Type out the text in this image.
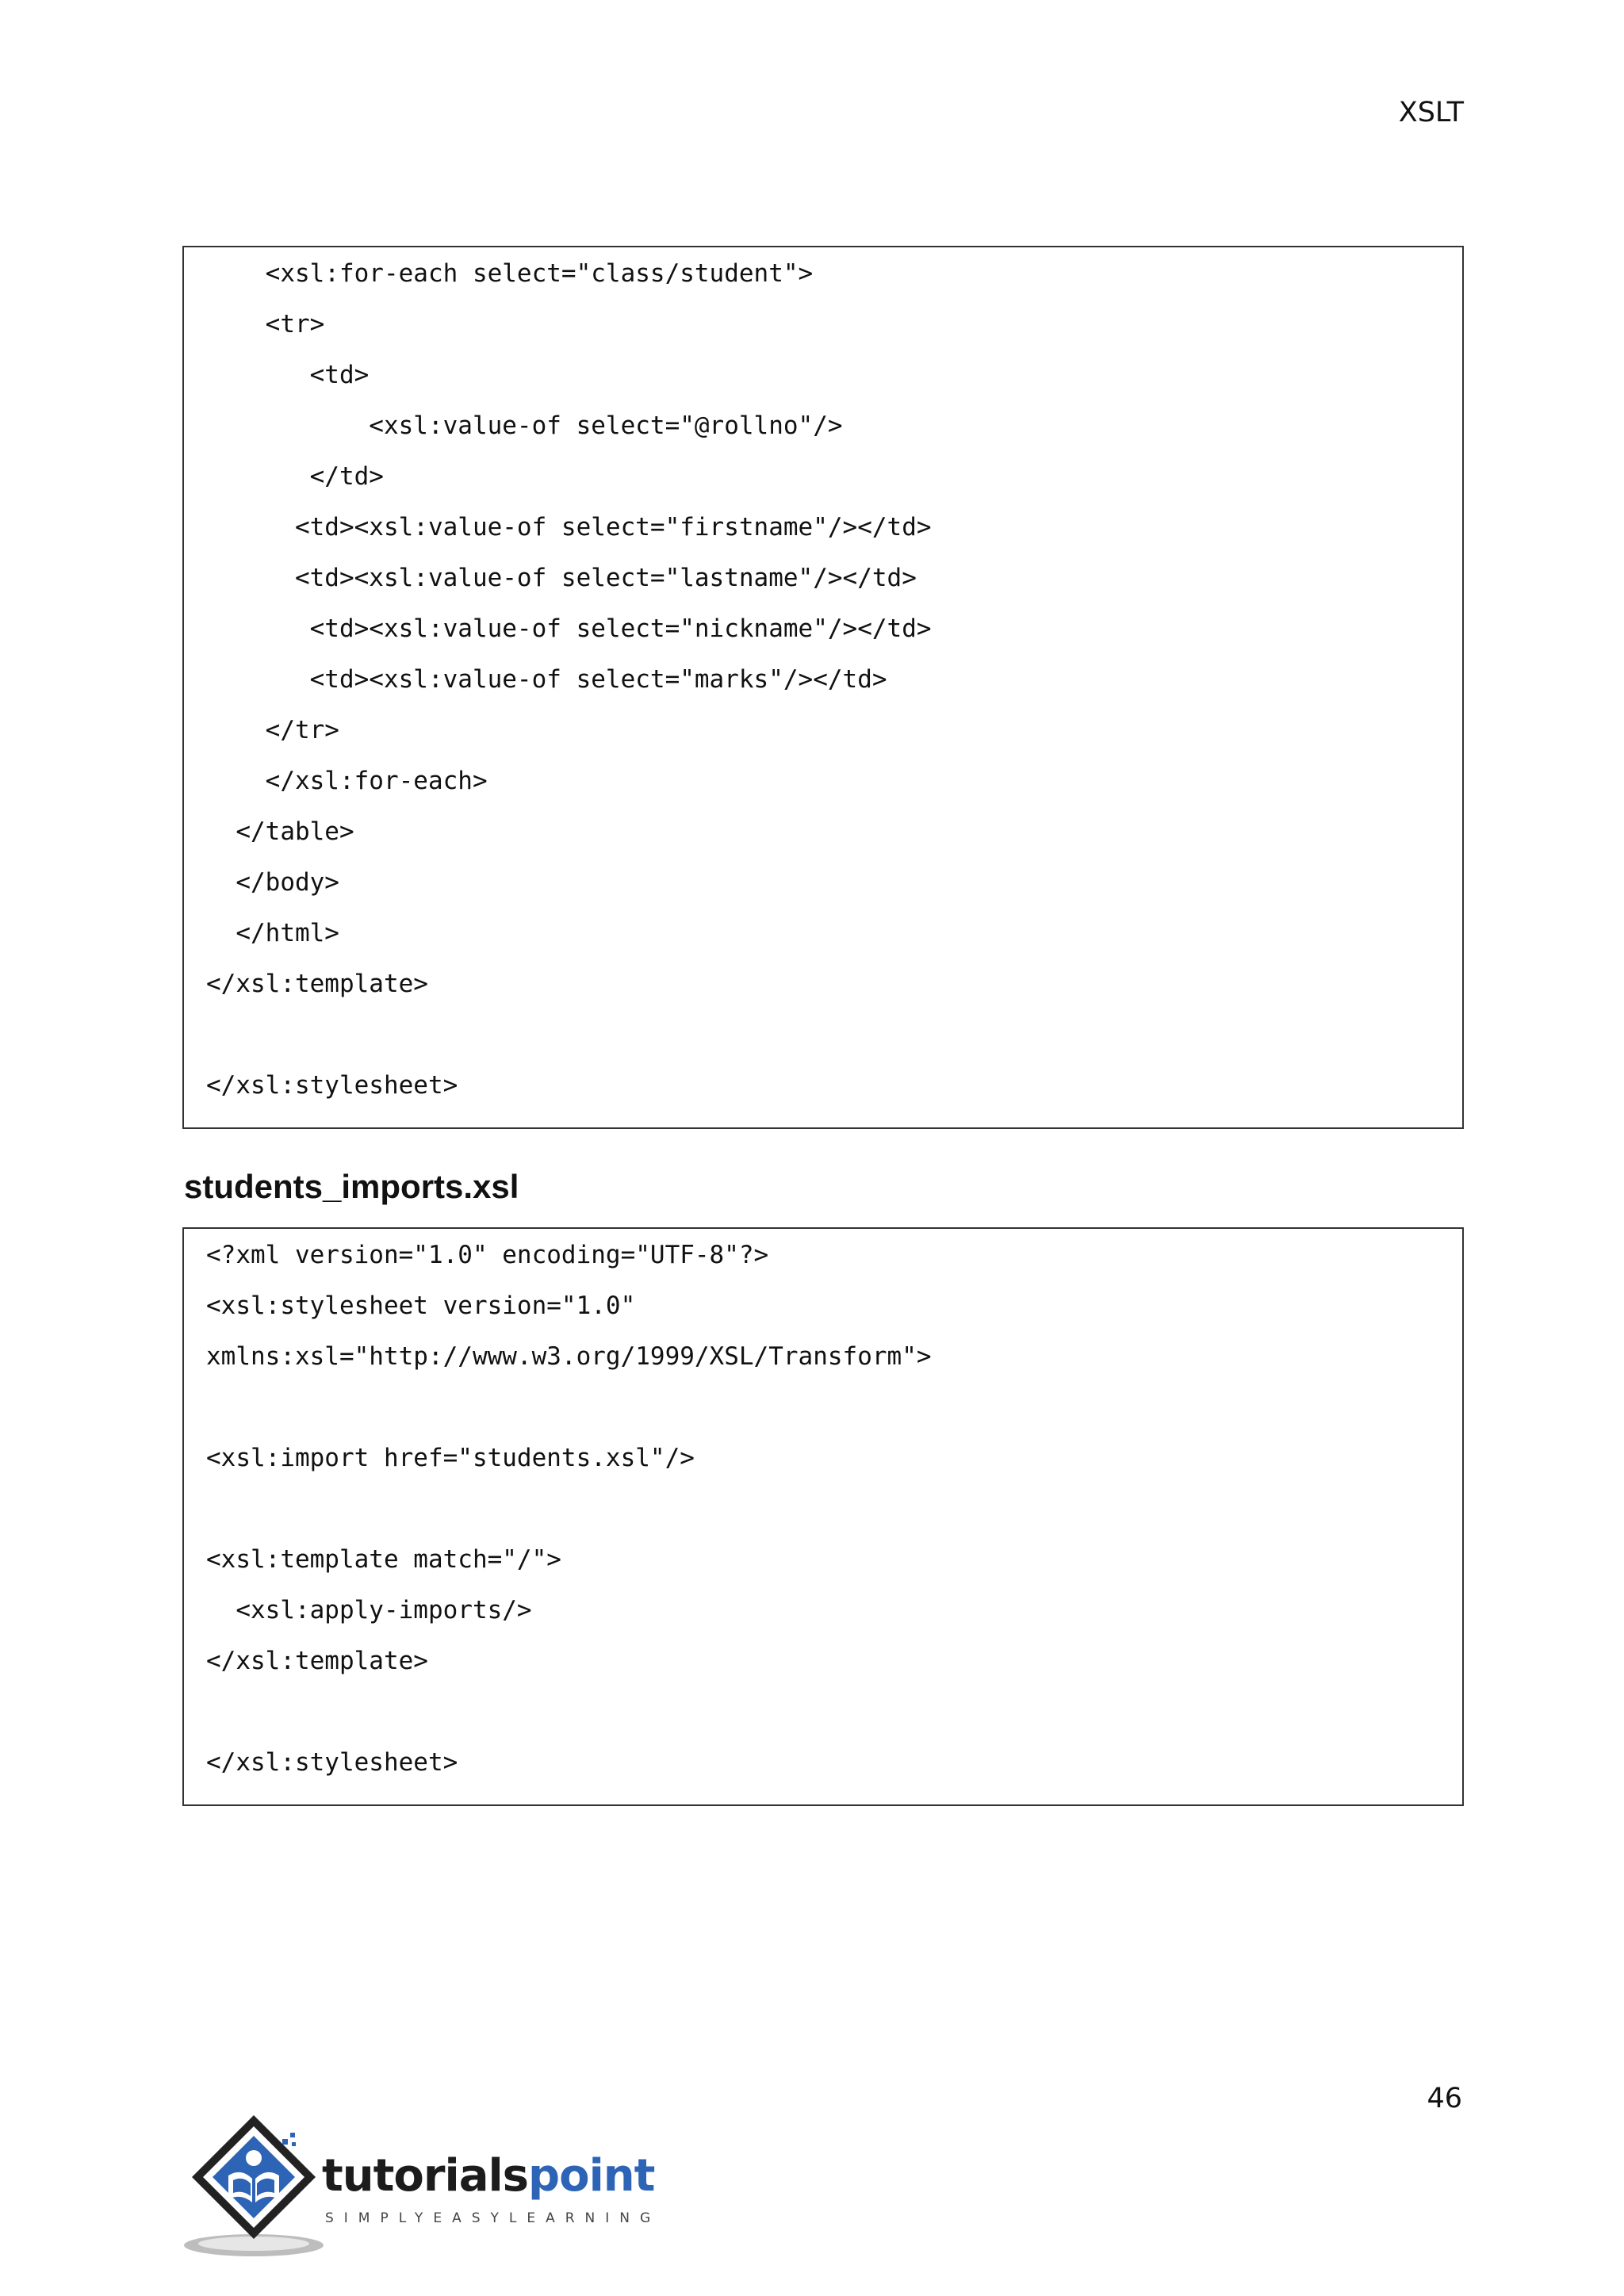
XSLT
<xsl:for-each select="class/student">
<tr>
<td>
<xsl:value-of select="@rollno"/>
</td>
<td><xsl:value-of select="firstname"/></td>
<td><xsl:value-of select="lastname"/></td>
<td><xsl:value-of select="nickname"/></td>
<td><xsl:value-of select="marks"/></td>
</tr>
</xsl:for-each>
</table>
</body>
</html>
</xsl:template>
</xsl:stylesheet>
students_imports.xsl
<?xml version="1.0" encoding="UTF-8"?>
<xsl:stylesheet version="1.0"
xmlns:xsl="http://www.w3.org/1999/XSL/Transform">
<xsl:import href="students.xsl"/>
<xsl:template match="/">
<xsl:apply-imports/>
</xsl:template>
</xsl:stylesheet>
46
tutorialspoint
SIMPLYEASYLEARNING
